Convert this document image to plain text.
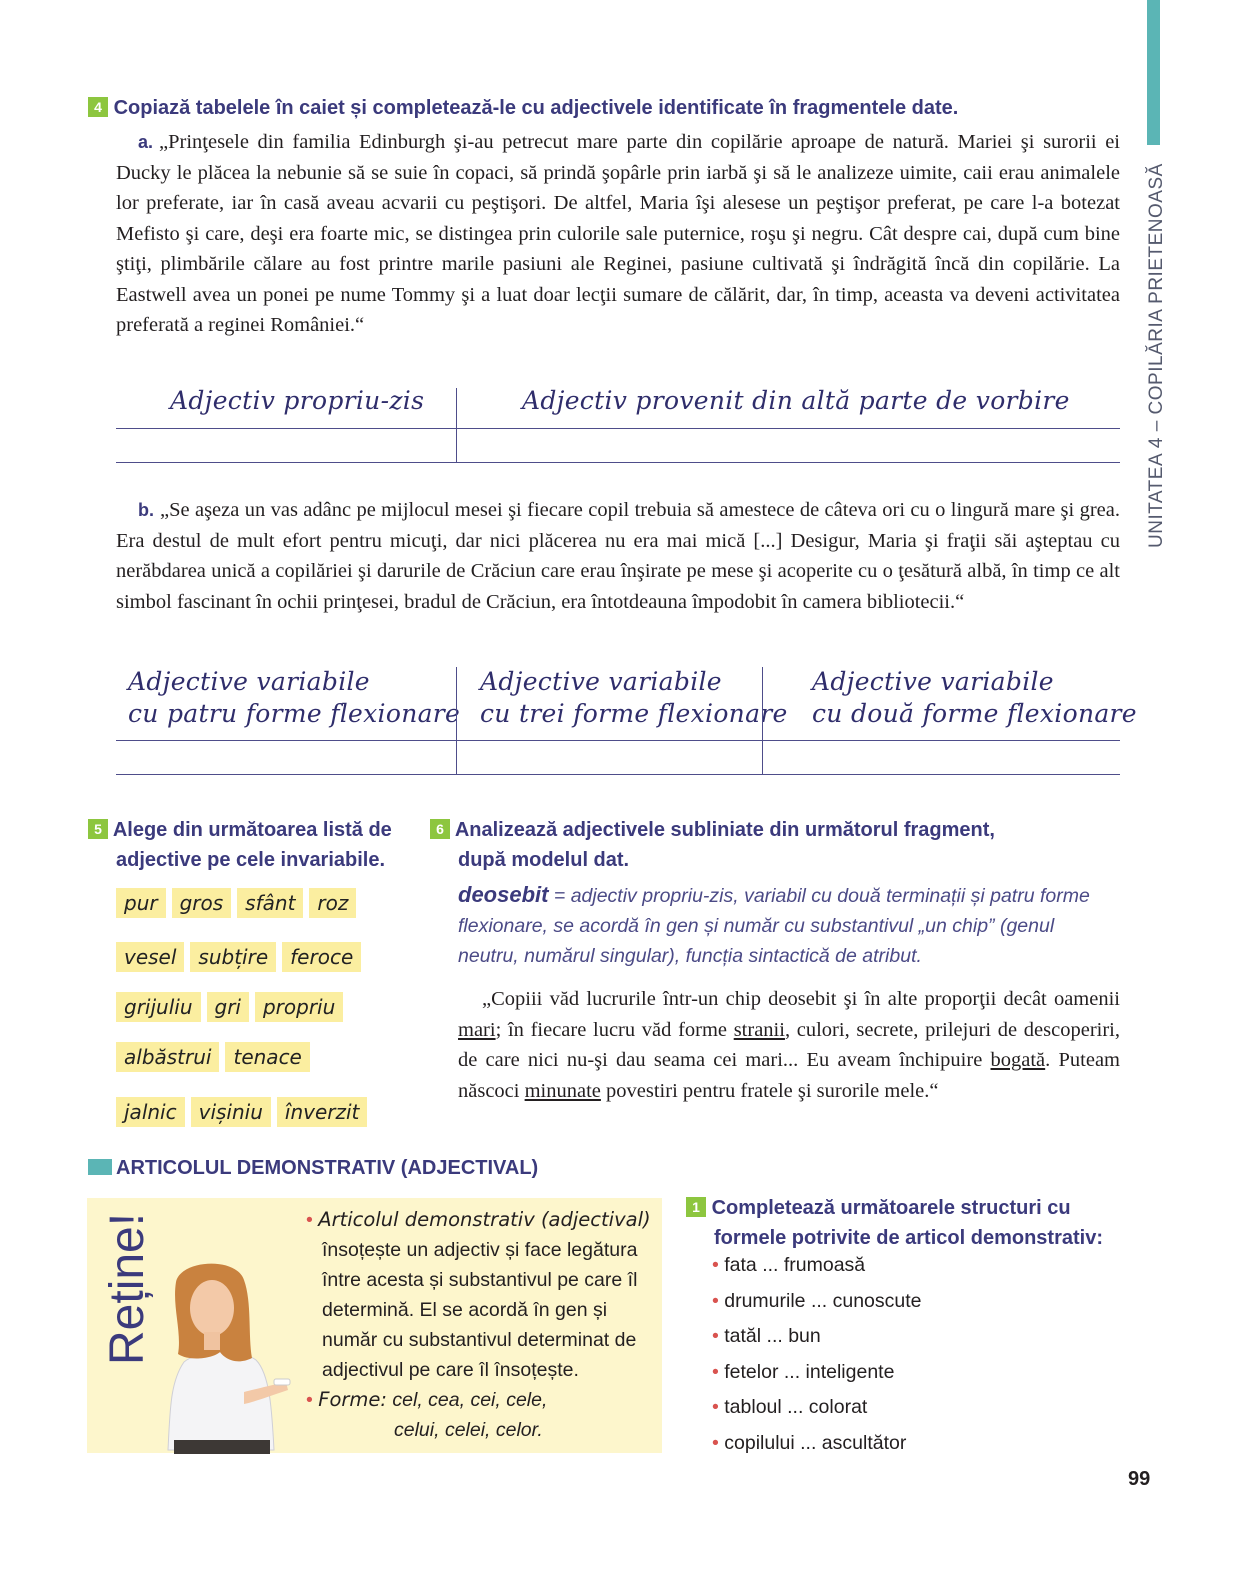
UNITATEA 4 – COPILĂRIA PRIETENOASĂ
4 Copiază tabelele în caiet și completează-le cu adjectivele identificate în fragmentele date.
a. „Prinţesele din familia Edinburgh şi-au petrecut mare parte din copilărie aproape de natură. Mariei şi surorii ei Ducky le plăcea la nebunie să se suie în copaci, să prindă şopârle prin iarbă şi să le analizeze uimite, caii erau animalele lor preferate, iar în casă aveau acvarii cu peştişori. De altfel, Maria îşi alesese un peştişor preferat, pe care l-a botezat Mefisto şi care, deşi era foarte mic, se distingea prin culorile sale puternice, roşu şi negru. Cât despre cai, după cum bine ştiţi, plimbările călare au fost printre marile pasiuni ale Reginei, pasiune cultivată şi îndrăgită încă din copilărie. La Eastwell avea un ponei pe nume Tommy şi a luat doar lecţii sumare de călărit, dar, în timp, aceasta va deveni activitatea preferată a reginei României.“
Adjectiv propriu-zis	Adjectiv provenit din altă parte de vorbire
b. „Se aşeza un vas adânc pe mijlocul mesei şi fiecare copil trebuia să amestece de câteva ori cu o lingură mare şi grea. Era destul de mult efort pentru micuţi, dar nici plăcerea nu era mai mică [...] Desigur, Maria şi fraţii săi aşteptau cu nerăbdarea unică a copilăriei şi darurile de Crăciun care erau înşirate pe mese şi acoperite cu o ţesătură albă, în timp ce alt simbol fascinant în ochii prinţesei, bradul de Crăciun, era întotdeauna împodobit în camera bibliotecii.“
Adjective variabile
cu patru forme flexionare
Adjective variabile
cu trei forme flexionare
Adjective variabile
cu două forme flexionare
5 Alege din următoarea listă de
adjective pe cele invariabile.
pur gros sfânt roz
vesel subțire feroce
grijuliu gri propriu
albăstrui tenace
jalnic vișiniu înverzit
6 Analizează adjectivele subliniate din următorul fragment,
după modelul dat.
deosebit = adjectiv propriu-zis, variabil cu două terminații și patru forme flexionare, se acordă în gen și număr cu substantivul „un chip” (genul neutru, numărul singular), funcția sintactică de atribut.
„Copiii văd lucrurile într-un chip deosebit şi în alte proporţii decât oamenii mari; în fiecare lucru văd forme stranii, culori, secrete, prilejuri de descoperiri, de care nici nu-şi dau seama cei mari... Eu aveam închipuire bogată. Puteam născoci minunate povestiri pentru fratele şi surorile mele.“
ARTICOLUL DEMONSTRATIV (ADJECTIVAL)
Reține!	• Articolul demonstrativ (adjectival) însoțește un adjectiv și face legătura între acesta și substantivul pe care îl determină. El se acordă în gen și număr cu substantivul determinat de adjectivul pe care îl însoțește.
• Forme: cel, cea, cei, cele,
celui, celei, celor.
1 Completează următoarele structuri cu
formele potrivite de articol demonstrativ:
• fata ... frumoasă
• drumurile ... cunoscute
• tatăl ... bun
• fetelor ... inteligente
• tabloul ... colorat
• copilului ... ascultător
99
